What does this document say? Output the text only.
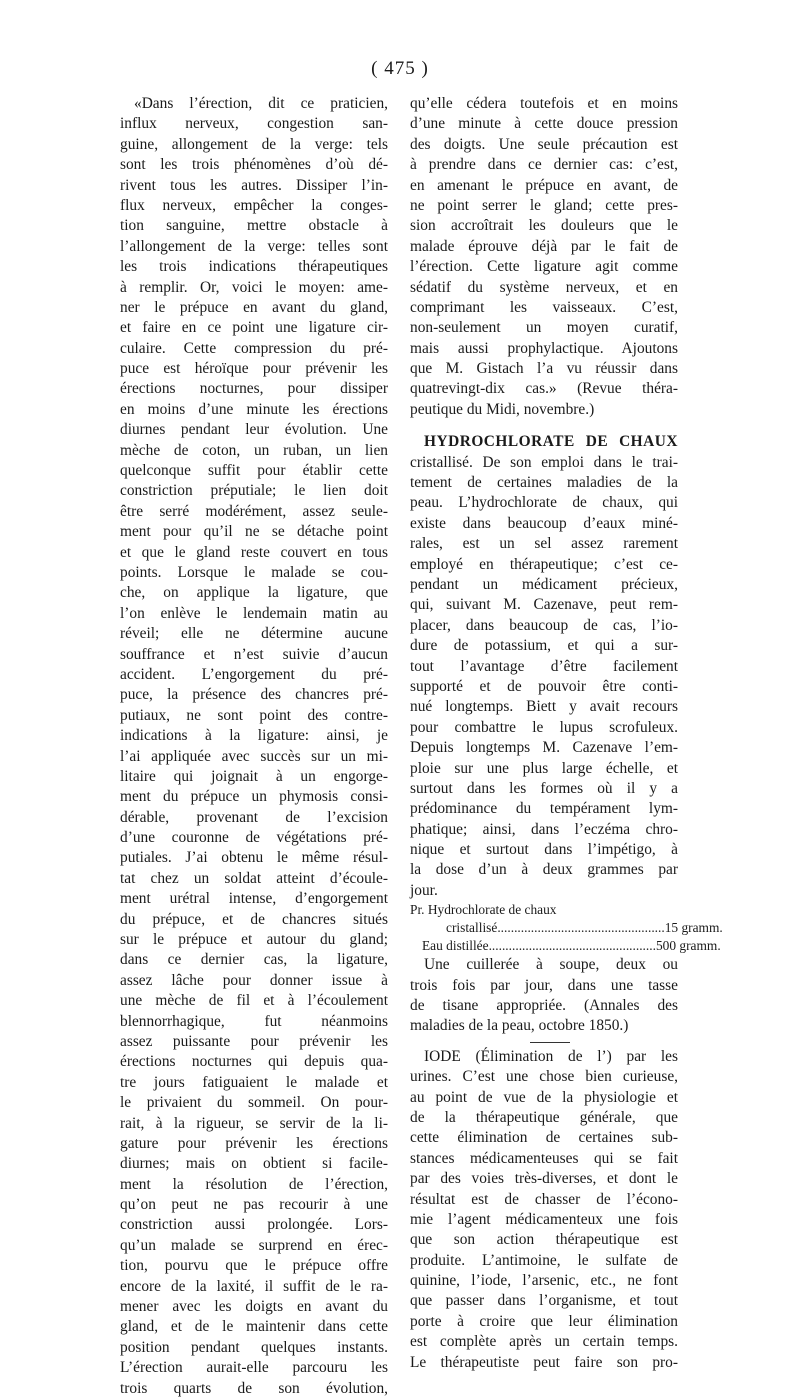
( 475 )
«Dans l’érection, dit ce praticien,
influx nerveux, congestion san-
guine, allongement de la verge: tels
sont les trois phénomènes d’où dé-
rivent tous les autres. Dissiper l’in-
flux nerveux, empêcher la conges-
tion sanguine, mettre obstacle à
l’allongement de la verge: telles sont
les trois indications thérapeutiques
à remplir. Or, voici le moyen: ame-
ner le prépuce en avant du gland,
et faire en ce point une ligature cir-
culaire. Cette compression du pré-
puce est héroïque pour prévenir les
érections nocturnes, pour dissiper
en moins d’une minute les érections
diurnes pendant leur évolution. Une
mèche de coton, un ruban, un lien
quelconque suffit pour établir cette
constriction préputiale; le lien doit
être serré modérément, assez seule-
ment pour qu’il ne se détache point
et que le gland reste couvert en tous
points. Lorsque le malade se cou-
che, on applique la ligature, que
l’on enlève le lendemain matin au
réveil; elle ne détermine aucune
souffrance et n’est suivie d’aucun
accident. L’engorgement du pré-
puce, la présence des chancres pré-
putiaux, ne sont point des contre-
indications à la ligature: ainsi, je
l’ai appliquée avec succès sur un mi-
litaire qui joignait à un engorge-
ment du prépuce un phymosis consi-
dérable, provenant de l’excision
d’une couronne de végétations pré-
putiales. J’ai obtenu le même résul-
tat chez un soldat atteint d’écoule-
ment urétral intense, d’engorgement
du prépuce, et de chancres situés
sur le prépuce et autour du gland;
dans ce dernier cas, la ligature,
assez lâche pour donner issue à
une mèche de fil et à l’écoulement
blennorrhagique, fut néanmoins
assez puissante pour prévenir les
érections nocturnes qui depuis qua-
tre jours fatiguaient le malade et
le privaient du sommeil. On pour-
rait, à la rigueur, se servir de la li-
gature pour prévenir les érections
diurnes; mais on obtient si facile-
ment la résolution de l’érection,
qu’on peut ne pas recourir à une
constriction aussi prolongée. Lors-
qu’un malade se surprend en érec-
tion, pourvu que le prépuce offre
encore de la laxité, il suffit de le ra-
mener avec les doigts en avant du
gland, et de le maintenir dans cette
position pendant quelques instants.
L’érection aurait-elle parcouru les
trois quarts de son évolution,
qu’elle cédera toutefois et en moins
d’une minute à cette douce pression
des doigts. Une seule précaution est
à prendre dans ce dernier cas: c’est,
en amenant le prépuce en avant, de
ne point serrer le gland; cette pres-
sion accroîtrait les douleurs que le
malade éprouve déjà par le fait de
l’érection. Cette ligature agit comme
sédatif du système nerveux, et en
comprimant les vaisseaux. C’est,
non-seulement un moyen curatif,
mais aussi prophylactique. Ajoutons
que M. Gistach l’a vu réussir dans
quatrevingt-dix cas.» (Revue théra-
peutique du Midi, novembre.)
HYDROCHLORATE DE CHAUX
cristallisé. De son emploi dans le trai-
tement de certaines maladies de la
peau. L’hydrochlorate de chaux, qui
existe dans beaucoup d’eaux miné-
rales, est un sel assez rarement
employé en thérapeutique; c’est ce-
pendant un médicament précieux,
qui, suivant M. Cazenave, peut rem-
placer, dans beaucoup de cas, l’io-
dure de potassium, et qui a sur-
tout l’avantage d’être facilement
supporté et de pouvoir être conti-
nué longtemps. Biett y avait recours
pour combattre le lupus scrofuleux.
Depuis longtemps M. Cazenave l’em-
ploie sur une plus large échelle, et
surtout dans les formes où il y a
prédominance du tempérament lym-
phatique; ainsi, dans l’eczéma chro-
nique et surtout dans l’impétigo, à
la dose d’un à deux grammes par
jour.
Pr. Hydrochlorate de chaux
cristallisé .................................................. 15 gramm.
Eau distillée .................................................. 500 gramm.
Une cuillerée à soupe, deux ou
trois fois par jour, dans une tasse
de tisane appropriée. (Annales des
maladies de la peau, octobre 1850.)
IODE (Élimination de l’) par les
urines. C’est une chose bien curieuse,
au point de vue de la physiologie et
de la thérapeutique générale, que
cette élimination de certaines sub-
stances médicamenteuses qui se fait
par des voies très-diverses, et dont le
résultat est de chasser de l’écono-
mie l’agent médicamenteux une fois
que son action thérapeutique est
produite. L’antimoine, le sulfate de
quinine, l’iode, l’arsenic, etc., ne font
que passer dans l’organisme, et tout
porte à croire que leur élimination
est complète après un certain temps.
Le thérapeutiste peut faire son pro-
